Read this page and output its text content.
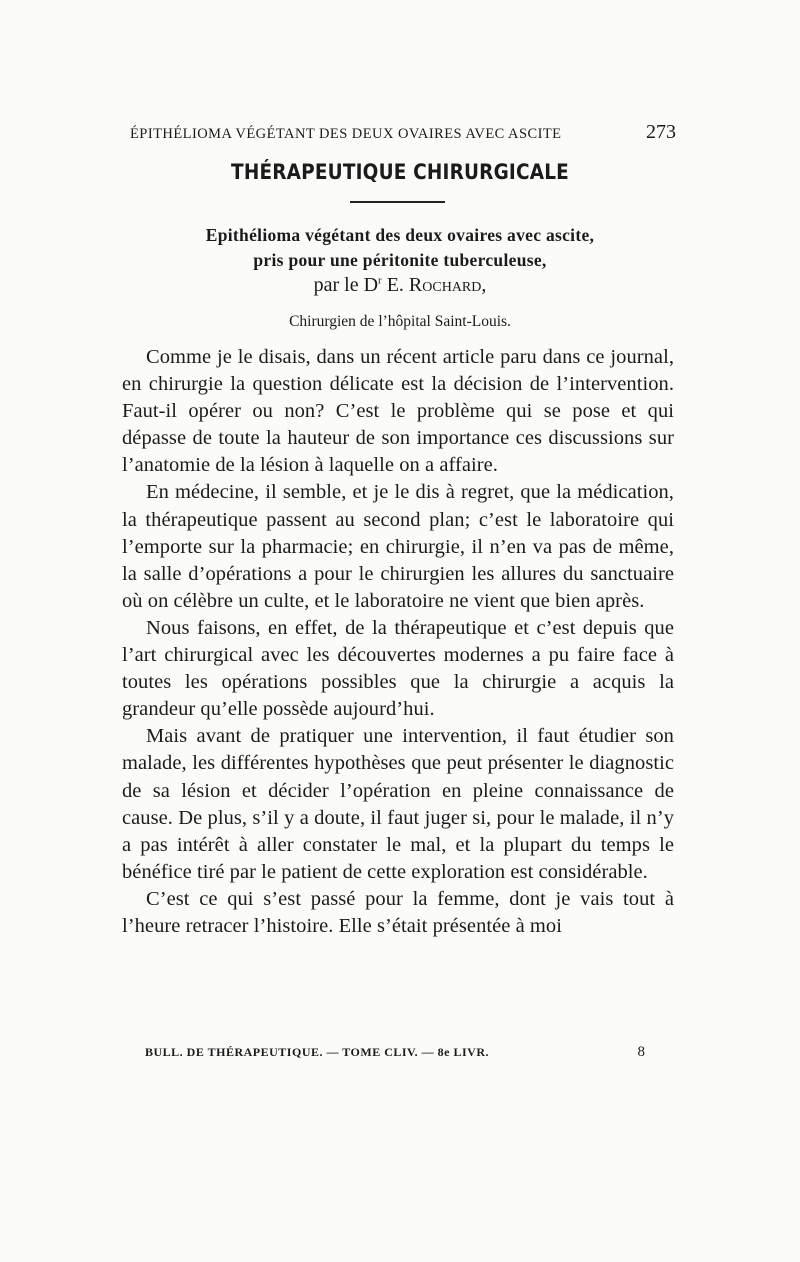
ÉPITHÉLIOMA VÉGÉTANT DES DEUX OVAIRES AVEC ASCITE	273
THÉRAPEUTIQUE CHIRURGICALE
Epithélioma végétant des deux ovaires avec ascite,
pris pour une péritonite tuberculeuse,
par le $D^r$ E. Rochard,
Chirurgien de l’hôpital Saint-Louis.

Comme je le disais, dans un récent article paru dans ce journal, en chirurgie la question délicate est la décision de l’intervention. Faut-il opérer ou non? C’est le problème qui se pose et qui dépasse de toute la hauteur de son importance ces discussions sur l’anatomie de la lésion à laquelle on a affaire.

En médecine, il semble, et je le dis à regret, que la médication, la thérapeutique passent au second plan; c’est le laboratoire qui l’emporte sur la pharmacie; en chirurgie, il n’en va pas de même, la salle d’opérations a pour le chirurgien les allures du sanctuaire où on célèbre un culte, et le laboratoire ne vient que bien après.

Nous faisons, en effet, de la thérapeutique et c’est depuis que l’art chirurgical avec les découvertes modernes a pu faire face à toutes les opérations possibles que la chirurgie a acquis la grandeur qu’elle possède aujourd’hui.

Mais avant de pratiquer une intervention, il faut étudier son malade, les différentes hypothèses que peut présenter le diagnostic de sa lésion et décider l’opération en pleine connaissance de cause. De plus, s’il y a doute, il faut juger si, pour le malade, il n’y a pas intérêt à aller constater le mal, et la plupart du temps le bénéfice tiré par le patient de cette exploration est considérable.

C’est ce qui s’est passé pour la femme, dont je vais tout à l’heure retracer l’histoire. Elle s’était présentée à moi

BULL. DE THÉRAPEUTIQUE. — TOME CLIV. — 8e LIVR.	8
